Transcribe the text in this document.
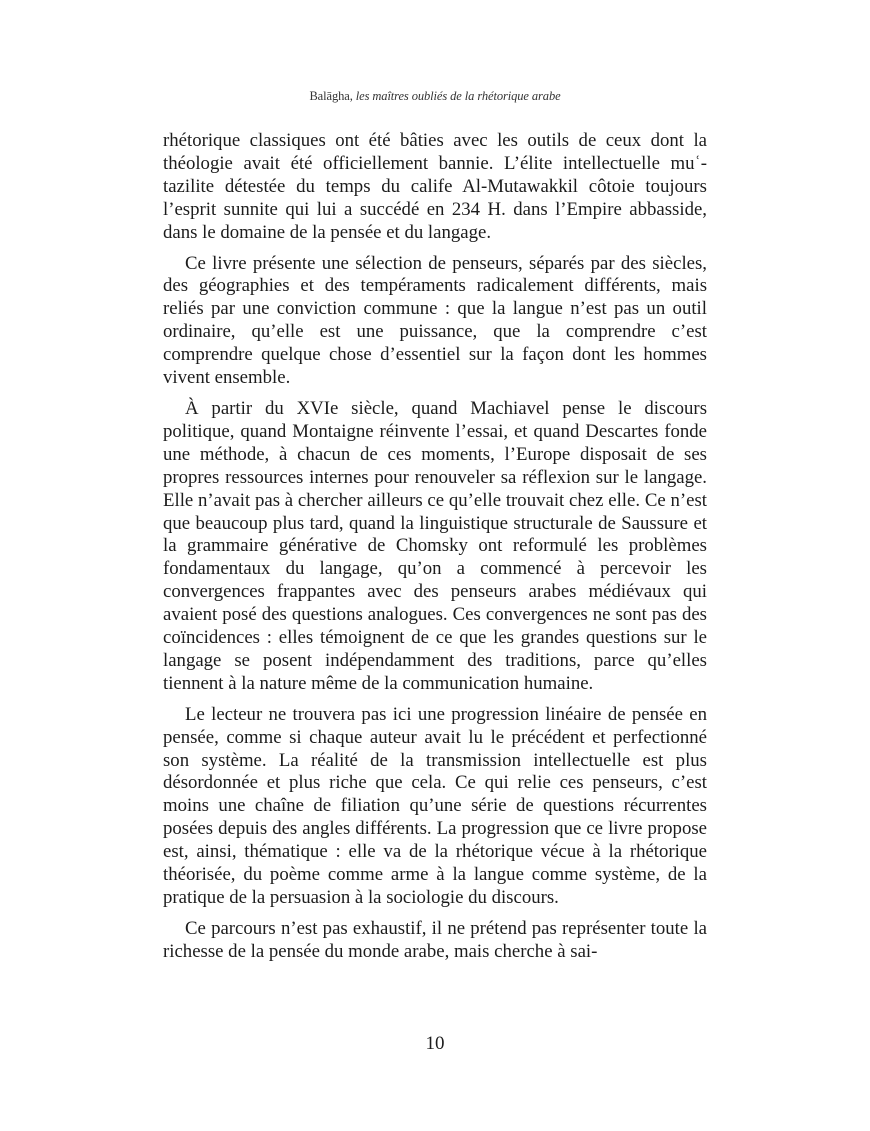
Balāgha, les maîtres oubliés de la rhétorique arabe

rhétorique classiques ont été bâties avec les outils de ceux dont la théologie avait été officiellement bannie. L’élite intellectuelle muʿ-tazilite détestée du temps du calife Al-Mutawakkil côtoie toujours l’esprit sunnite qui lui a succédé en 234 H. dans l’Empire abbasside, dans le domaine de la pensée et du langage.

Ce livre présente une sélection de penseurs, séparés par des siècles, des géographies et des tempéraments radicalement différents, mais reliés par une conviction commune : que la langue n’est pas un outil ordinaire, qu’elle est une puissance, que la comprendre c’est comprendre quelque chose d’essentiel sur la façon dont les hommes vivent ensemble.

À partir du XVIe siècle, quand Machiavel pense le discours politique, quand Montaigne réinvente l’essai, et quand Descartes fonde une méthode, à chacun de ces moments, l’Europe disposait de ses propres ressources internes pour renouveler sa réflexion sur le langage. Elle n’avait pas à chercher ailleurs ce qu’elle trouvait chez elle. Ce n’est que beaucoup plus tard, quand la linguistique structurale de Saussure et la grammaire générative de Chomsky ont reformulé les problèmes fondamentaux du langage, qu’on a commencé à percevoir les convergences frappantes avec des penseurs arabes médiévaux qui avaient posé des questions analogues. Ces convergences ne sont pas des coïncidences : elles témoignent de ce que les grandes questions sur le langage se posent indépendamment des traditions, parce qu’elles tiennent à la nature même de la communication humaine.

Le lecteur ne trouvera pas ici une progression linéaire de pensée en pensée, comme si chaque auteur avait lu le précédent et perfectionné son système. La réalité de la transmission intellectuelle est plus désordonnée et plus riche que cela. Ce qui relie ces penseurs, c’est moins une chaîne de filiation qu’une série de questions récurrentes posées depuis des angles différents. La progression que ce livre propose est, ainsi, thématique : elle va de la rhétorique vécue à la rhétorique théorisée, du poème comme arme à la langue comme système, de la pratique de la persuasion à la sociologie du discours.

Ce parcours n’est pas exhaustif, il ne prétend pas représenter toute la richesse de la pensée du monde arabe, mais cherche à sai-

10
